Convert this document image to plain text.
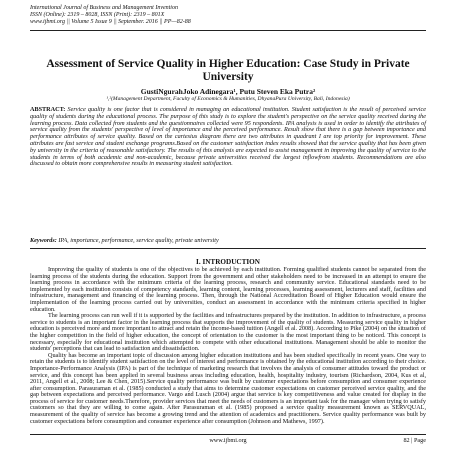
International Journal of Business and Management Invention
ISSN (Online): 2319 – 8028, ISSN (Print): 2319 – 801X
www.ijbmi.org || Volume 5 Issue 9 || September. 2016 || PP—82-88
Assessment of Service Quality in Higher Education: Case Study in Private University
GustiNgurahJoko Adinegara¹, Putu Steven Eka Putra²
¹,²(Management Department, Faculty of Economics & Humanities, DhyanaPura University, Bali, Indonesia)
ABSTRACT: Service quality is one factor that is considered in managing an educational institution. Student satisfaction is the result of perceived service quality of students during the educational process. The purpose of this study is to explore the student's perspective on the service quality received during the learning process. Data collected from students and the questionnaires collected were 95 respondents. IPA analysis is used in order to identify the attributes of service quality from the students' perspective of level of importance and the perceived performance. Result show that there is a gap between importance and performance attributes of service quality. Based on the cartesius diagram there are two attributes in quadrant I are top priority for improvement. These attributes are fast service and student exchange programs.Based on the customer satisfaction index results showed that the service quality that has been given by university in the criteria of reasonable satisfactory. The results of this analysis are expected to assist management in improving the quality of service to the students in terms of both academic and non-academic, because private universities received the largest inflowfrom students. Recommendations are also discussed to obtain more comprehensive results in measuring student satisfaction.
Keywords: IPA, importance, performance, service quality, private university
I. INTRODUCTION

Improving the quality of students is one of the objectives to be achieved by each institution. Forming qualified students cannot be separated from the learning process of the students during the education. Support from the government and other stakeholders need to be increased in an attempt to ensure the learning process in accordance with the minimum criteria of the learning process, research and community service. Educational standards need to be implemented by each institution consists of competency standards, learning content, learning processes, learning assessment, lecturers and staff, facilities and infrastructure, management and financing of the learning process. Then, through the National Accreditation Board of Higher Education would ensure the implementation of the learning process carried out by universities, conduct an assessment in accordance with the minimum criteria specified in higher education.

The learning process can run well if it is supported by the facilities and infrastructures prepared by the institution. In addition to infrastructure, a process service to students is an important factor in the learning process that supports the improvement of the quality of students. Measuring service quality in higher education is perceived more and more important to attract and retain the income-based tuition (Angell et al. 2008). According to Pike (2004) on the situation of the higher competition in the field of higher education, the concept of orientation to the customer is the most important thing to be noticed. This concept is necessary, especially for educational institution which attempted to compete with other educational institutions. Management should be able to monitor the students' perceptions that can lead to satisfaction and dissatisfaction.

Quality has become an important topic of discussion among higher education institutions and has been studied specifically in recent years. One way to retain the students is to identify student satisfaction on the level of interest and performance is obtained by the educational institution according to their choice. Importance-Performance Analysis (IPA) is part of the technique of marketing research that involves the analysis of consumer attitudes toward the product or service, and this concept has been applied in several business areas including education, health, hospitality industry, tourism (Richardson, 2004, Kus et al, 2011, Angell et al., 2008; Lee & Chen, 2015).Service quality performance was built by customer expectations before consumption and consumer experience after consumption. Parasuraman et al. (1985) conducted a study that aims to determine customer expectations on customer perceived service quality, and the gap between expectations and perceived performance. Vargo and Lusch (2004) argue that service is key competitiveness and value created for display in the process of service for customer needs.Therefore, provider services that meet the needs of customers is an important task for the manager when trying to satisfy customers so that they are willing to come again. After Parasuraman et al. (1985) proposed a service quality measurement known as SERVQUAL, measurement of the quality of service has become a growing trend and the attention of academics and practitioners. Service quality performance was built by customer expectations before consumption and consumer experience after consumption (Johnson and Mathews, 1997).

www.ijbmi.org	82 | Page
